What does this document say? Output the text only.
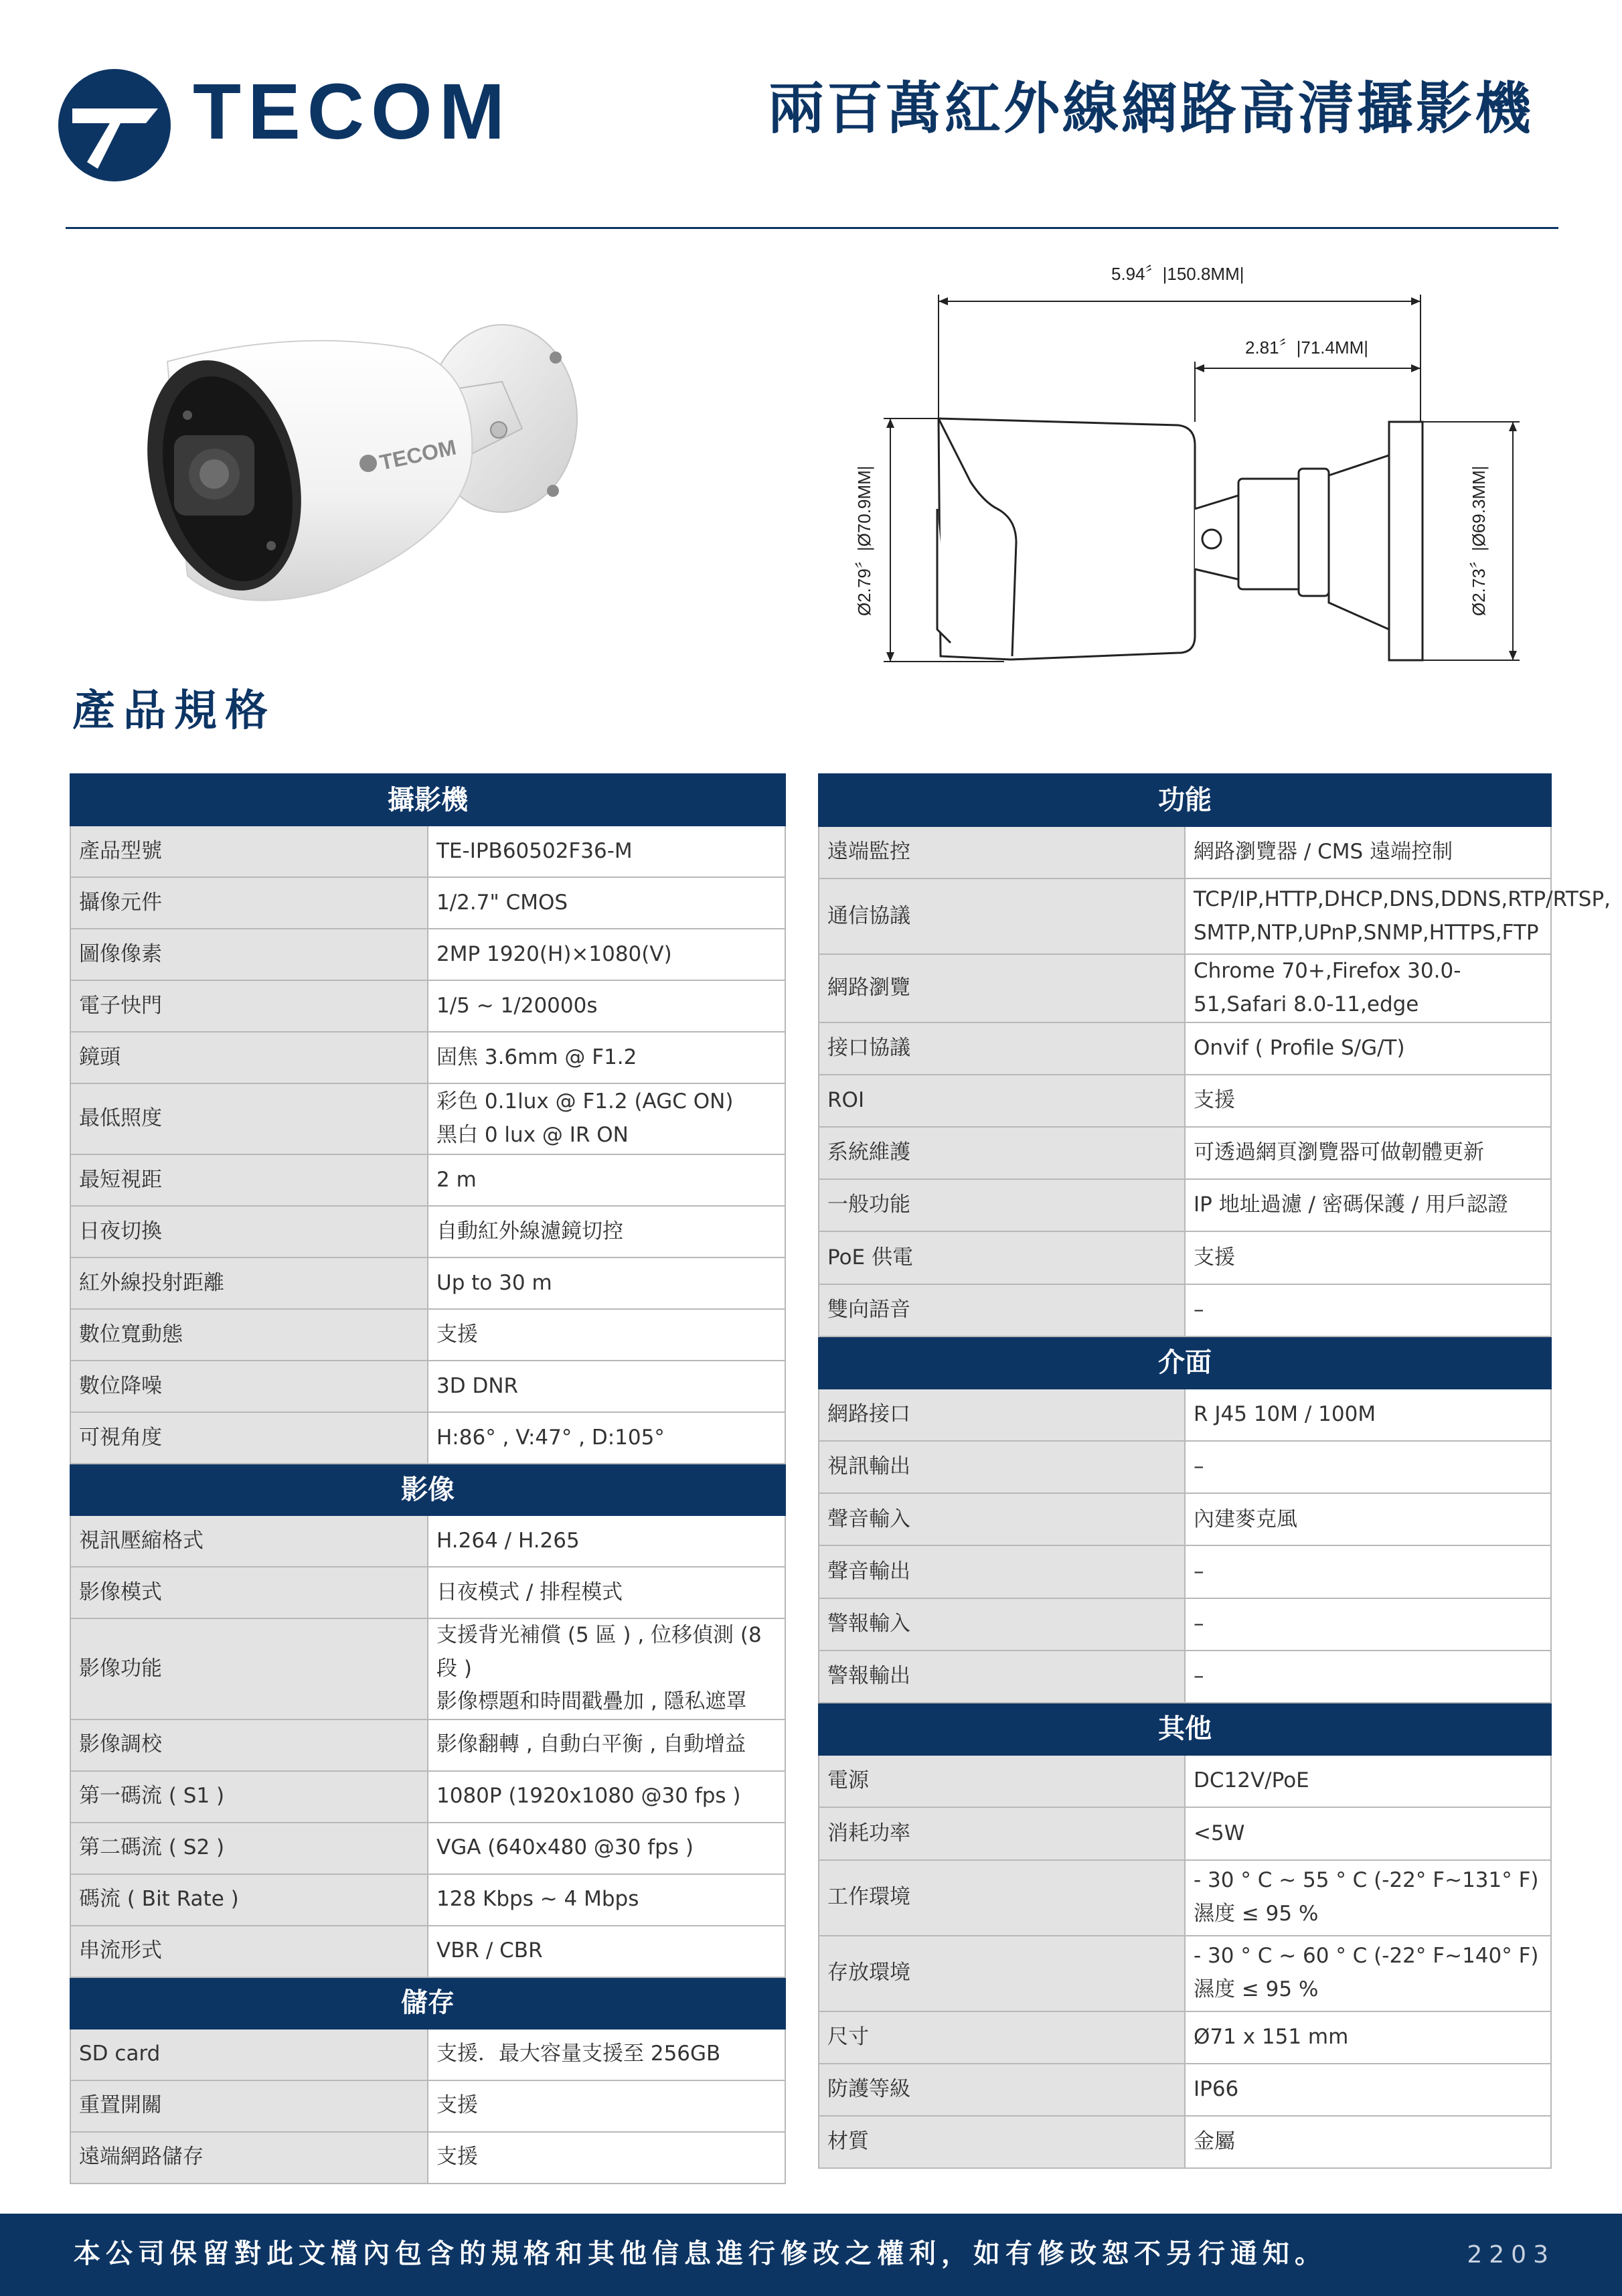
TECOM	兩百萬紅外線網路高清攝影機
TECOM
5.94〞|150.8MM|
2.81〞|71.4MM|
Ø2.79〞|Ø70.9MM|	Ø2.73〞|Ø69.3MM|
產品規格
攝影機	
產品型號	TE-IPB60502F36-M
攝像元件	1/2.7" CMOS
圖像像素	2MP 1920(H)×1080(V)
電子快門	1/5 ~ 1/20000s
鏡頭	固焦 3.6mm @ F1.2
最低照度	彩色 0.1lux @ F1.2 (AGC ON)
黑白 0 lux @ IR ON

最短視距	2 m
日夜切換	自動紅外線濾鏡切控
紅外線投射距離	Up to 30 m
數位寬動態	支援
數位降噪	3D DNR
可視角度	H:86° , V:47° , D:105°
影像	
視訊壓縮格式	H.264 / H.265
影像模式	日夜模式 / 排程模式
影像功能	支援背光補償 (5 區 ) , 位移偵測 (8 段 )
影像標題和時間戳疊加 , 隱私遮罩

影像調校	影像翻轉 , 自動白平衡 , 自動增益
第一碼流 ( S1 )	1080P (1920x1080 @30 fps )
第二碼流 ( S2 )	VGA (640x480 @30 fps )
碼流 ( Bit Rate )	128 Kbps ~ 4 Mbps
串流形式	VBR / CBR
儲存	
SD card	支援．最大容量支援至 256GB
重置開關	支援
遠端網路儲存	支援
功能	
遠端監控	網路瀏覽器 / CMS 遠端控制
通信協議	TCP/IP,HTTP,DHCP,DNS,DDNS,RTP/RTSP,
SMTP,NTP,UPnP,SNMP,HTTPS,FTP

網路瀏覽	Chrome 70+,Firefox 30.0-51,Safari 8.0-11,edge
接口協議	Onvif ( Profile S/G/T)
ROI	支援
系統維護	可透過網頁瀏覽器可做韌體更新
一般功能	IP 地址過濾 / 密碼保護 / 用戶認證
PoE 供電	支援
雙向語音	–
介面	
網路接口	R J45 10M / 100M
視訊輸出	–
聲音輸入	內建麥克風
聲音輸出	–
警報輸入	–
警報輸出	–
其他	
電源	DC12V/PoE
消耗功率	<5W
工作環境	- 30 ° C ~ 55 ° C (-22° F~131° F)
濕度 ≤ 95 %

存放環境	- 30 ° C ~ 60 ° C (-22° F~140° F)
濕度 ≤ 95 %

尺寸	Ø71 x 151 mm
防護等級	IP66
材質	金屬
本公司保留對此文檔內包含的規格和其他信息進行修改之權利，如有修改恕不另行通知。	2203
